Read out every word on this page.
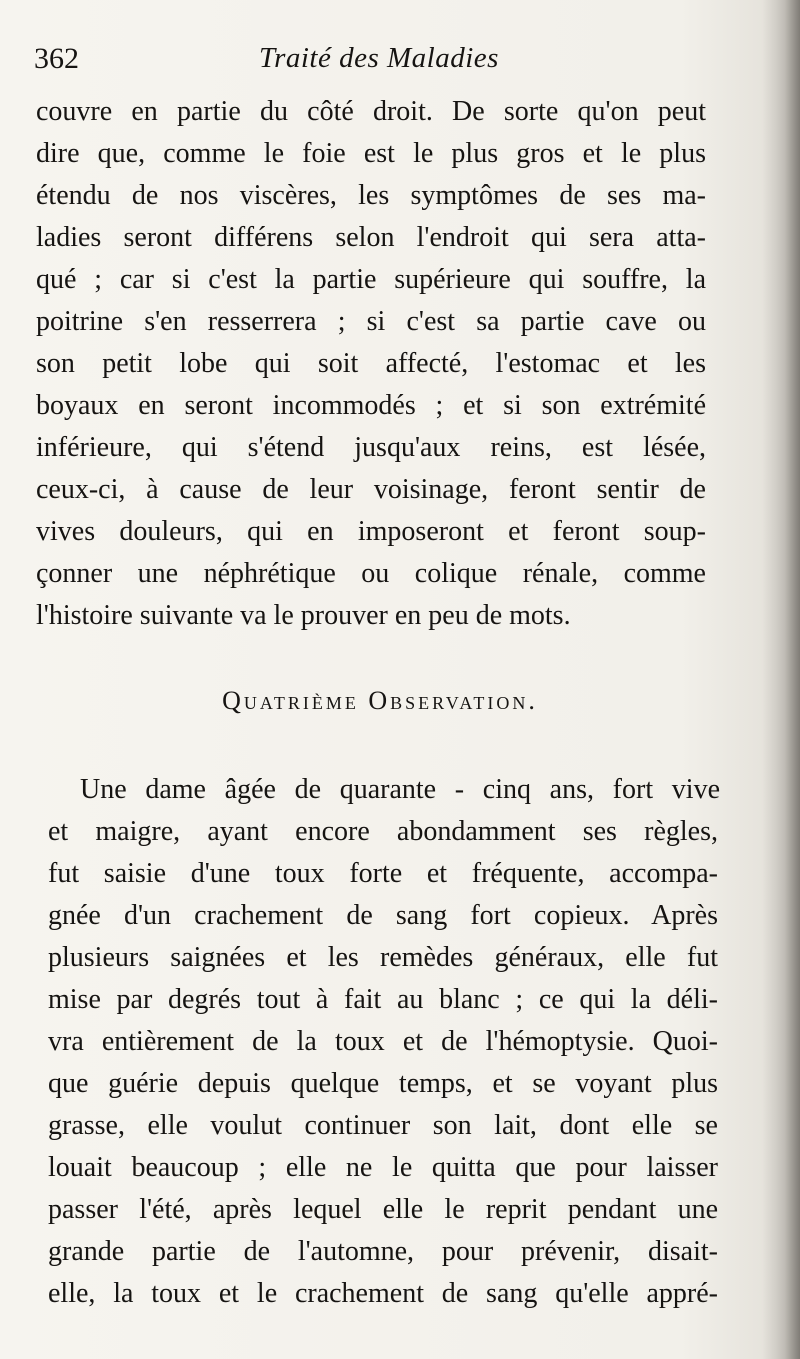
362	Traité des Maladies
couvre en partie du côté droit. De sorte qu'on peut
dire que, comme le foie est le plus gros et le plus
étendu de nos viscères, les symptômes de ses ma-
ladies seront différens selon l'endroit qui sera atta-
qué ; car si c'est la partie supérieure qui souffre, la
poitrine s'en resserrera ; si c'est sa partie cave ou
son petit lobe qui soit affecté, l'estomac et les
boyaux en seront incommodés ; et si son extrémité
inférieure, qui s'étend jusqu'aux reins, est lésée,
ceux-ci, à cause de leur voisinage, feront sentir de
vives douleurs, qui en imposeront et feront soup-
çonner une néphrétique ou colique rénale, comme
l'histoire suivante va le prouver en peu de mots.
Quatrième Observation.
Une dame âgée de quarante - cinq ans, fort vive
et maigre, ayant encore abondamment ses règles,
fut saisie d'une toux forte et fréquente, accompa-
gnée d'un crachement de sang fort copieux. Après
plusieurs saignées et les remèdes généraux, elle fut
mise par degrés tout à fait au blanc ; ce qui la déli-
vra entièrement de la toux et de l'hémoptysie. Quoi-
que guérie depuis quelque temps, et se voyant plus
grasse, elle voulut continuer son lait, dont elle se
louait beaucoup ; elle ne le quitta que pour laisser
passer l'été, après lequel elle le reprit pendant une
grande partie de l'automne, pour prévenir, disait-
elle, la toux et le crachement de sang qu'elle appré-
